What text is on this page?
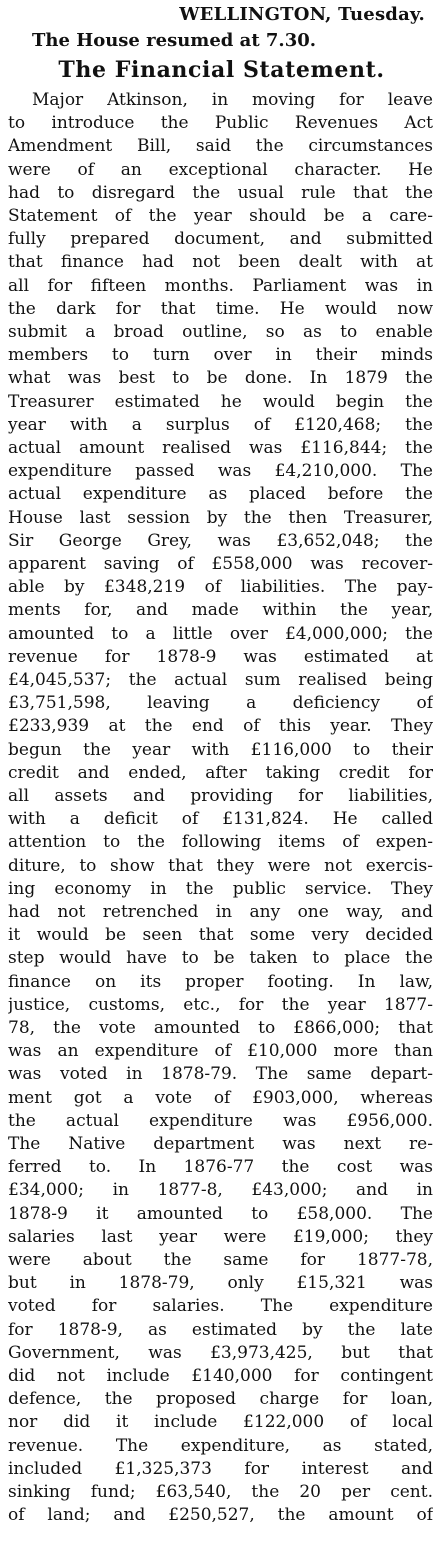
WELLINGTON, Tuesday.
The House resumed at 7.30.
The Financial Statement.
Major Atkinson, in moving for leave
to introduce the Public Revenues Act
Amendment Bill, said the circumstances
were of an exceptional character. He
had to disregard the usual rule that the
Statement of the year should be a care-
fully prepared document, and submitted
that finance had not been dealt with at
all for fifteen months. Parliament was in
the dark for that time. He would now
submit a broad outline, so as to enable
members to turn over in their minds
what was best to be done. In 1879 the
Treasurer estimated he would begin the
year with a surplus of £120,468; the
actual amount realised was £116,844; the
expenditure passed was £4,210,000. The
actual expenditure as placed before the
House last session by the then Treasurer,
Sir George Grey, was £3,652,048; the
apparent saving of £558,000 was recover-
able by £348,219 of liabilities. The pay-
ments for, and made within the year,
amounted to a little over £4,000,000; the
revenue for 1878-9 was estimated at
£4,045,537; the actual sum realised being
£3,751,598, leaving a deficiency of
£233,939 at the end of this year. They
begun the year with £116,000 to their
credit and ended, after taking credit for
all assets and providing for liabilities,
with a deficit of £131,824. He called
attention to the following items of expen-
diture, to show that they were not exercis-
ing economy in the public service. They
had not retrenched in any one way, and
it would be seen that some very decided
step would have to be taken to place the
finance on its proper footing. In law,
justice, customs, etc., for the year 1877-
78, the vote amounted to £866,000; that
was an expenditure of £10,000 more than
was voted in 1878-79. The same depart-
ment got a vote of £903,000, whereas
the actual expenditure was £956,000.
The Native department was next re-
ferred to. In 1876-77 the cost was
£34,000; in 1877-8, £43,000; and in
1878-9 it amounted to £58,000. The
salaries last year were £19,000; they
were about the same for 1877-78,
but in 1878-79, only £15,321 was
voted for salaries. The expenditure
for 1878-9, as estimated by the late
Government, was £3,973,425, but that
did not include £140,000 for contingent
defence, the proposed charge for loan,
nor did it include £122,000 of local
revenue. The expenditure, as stated,
included £1,325,373 for interest and
sinking fund; £63,540, the 20 per cent.
of land; and £250,527, the amount of
